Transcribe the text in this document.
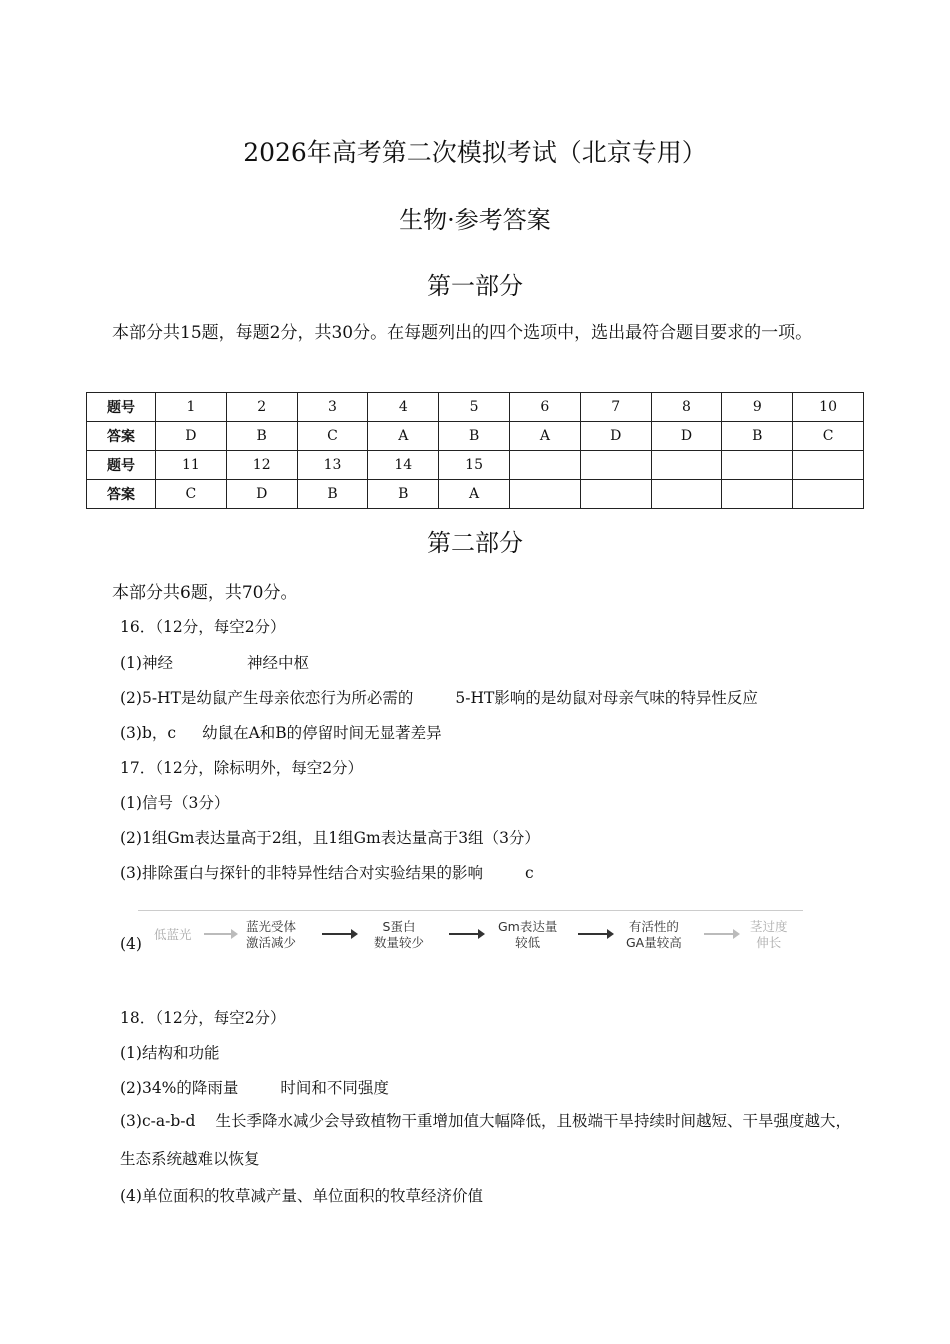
2026年高考第二次模拟考试（北京专用）
生物·参考答案
第一部分
本部分共15题，每题2分，共30分。在每题列出的四个选项中，选出最符合题目要求的一项。
题号	1	2	3	4	5	6	7	8	9	10
答案	D	B	C	A	B	A	D	D	B	C
题号	11	12	13	14	15					
答案	C	D	B	B	A					
第二部分
本部分共6题，共70分。
16．（12分，每空2分）
(1)神经	神经中枢
(2)5-HT是幼鼠产生母亲依恋行为所必需的	5-HT影响的是幼鼠对母亲气味的特异性反应
(3)b，c 幼鼠在A和B的停留时间无显著差异
17．（12分，除标明外，每空2分）
(1)信号（3分）
(2)1组Gm表达量高于2组，且1组Gm表达量高于3组（3分）
(3)排除蛋白与探针的非特异性结合对实验结果的影响	c
(4)
低蓝光
蓝光受体
激活减少
S蛋白
数量较少
Gm表达量
较低
有活性的
GA量较高
茎过度
伸长
18．（12分，每空2分）
(1)结构和功能
(2)34%的降雨量	时间和不同强度
(3)c-a-b-d 生长季降水减少会导致植物干重增加值大幅降低，且极端干旱持续时间越短、干旱强度越大，生态系统越难以恢复
(4)单位面积的牧草减产量、单位面积的牧草经济价值
